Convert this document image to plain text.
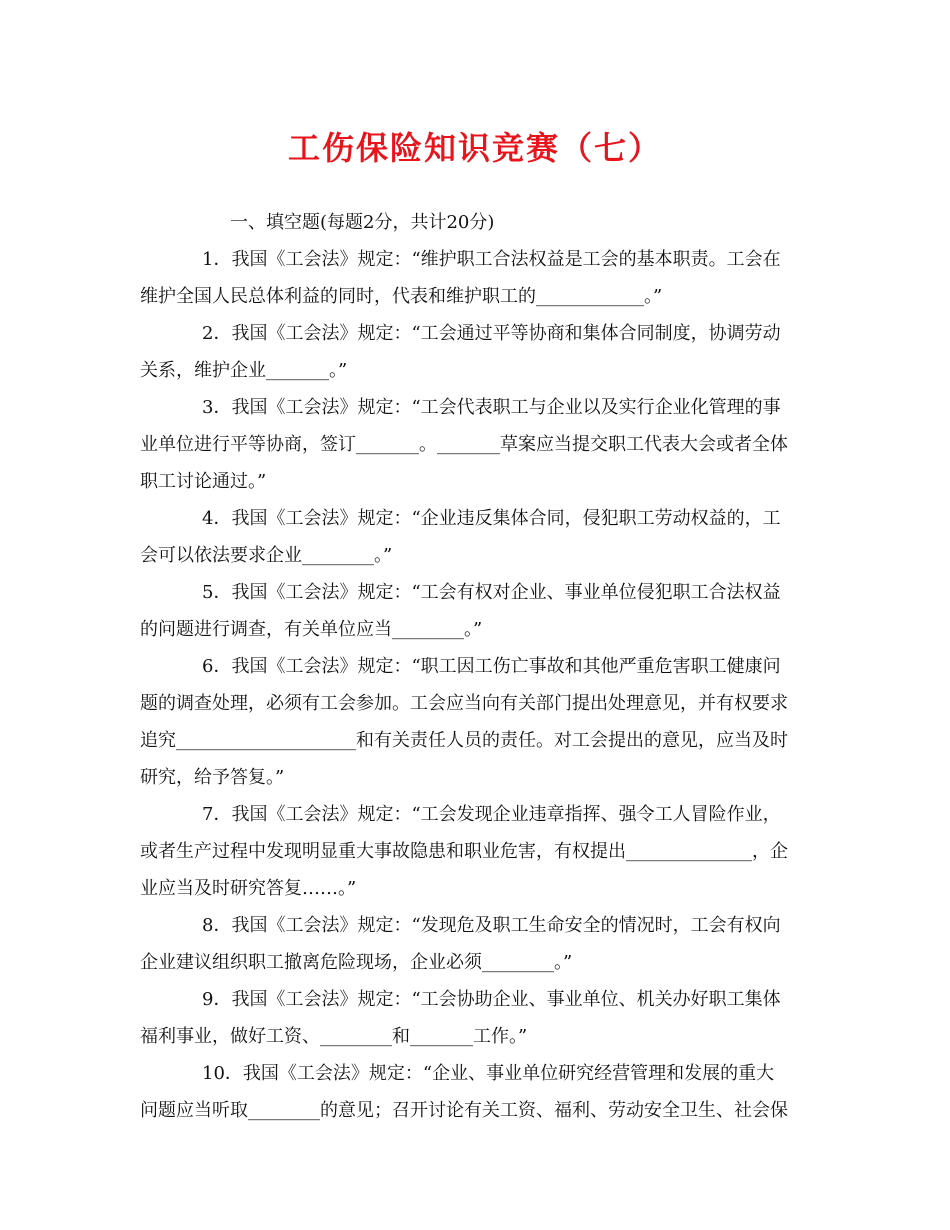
工伤保险知识竞赛（七）

一、填空题(每题2分，共计20分)

1．我国《工会法》规定：“维护职工合法权益是工会的基本职责。工会在
维护全国人民总体利益的同时，代表和维护职工的____________。”
2．我国《工会法》规定：“工会通过平等协商和集体合同制度，协调劳动
关系，维护企业_______。”
3．我国《工会法》规定：“工会代表职工与企业以及实行企业化管理的事
业单位进行平等协商，签订_______。_______草案应当提交职工代表大会或者全体
职工讨论通过。”
4．我国《工会法》规定：“企业违反集体合同，侵犯职工劳动权益的，工
会可以依法要求企业________。”
5．我国《工会法》规定：“工会有权对企业、事业单位侵犯职工合法权益
的问题进行调查，有关单位应当________。”
6．我国《工会法》规定：“职工因工伤亡事故和其他严重危害职工健康问
题的调查处理，必须有工会参加。工会应当向有关部门提出处理意见，并有权要求
追究____________________和有关责任人员的责任。对工会提出的意见，应当及时
研究，给予答复。”
7．我国《工会法》规定：“工会发现企业违章指挥、强令工人冒险作业，
或者生产过程中发现明显重大事故隐患和职业危害，有权提出______________，企
业应当及时研究答复……。”
8．我国《工会法》规定：“发现危及职工生命安全的情况时，工会有权向
企业建议组织职工撤离危险现场，企业必须________。”
9．我国《工会法》规定：“工会协助企业、事业单位、机关办好职工集体
福利事业，做好工资、________和_______工作。”
10．我国《工会法》规定：“企业、事业单位研究经营管理和发展的重大
问题应当听取________的意见；召开讨论有关工资、福利、劳动安全卫生、社会保
